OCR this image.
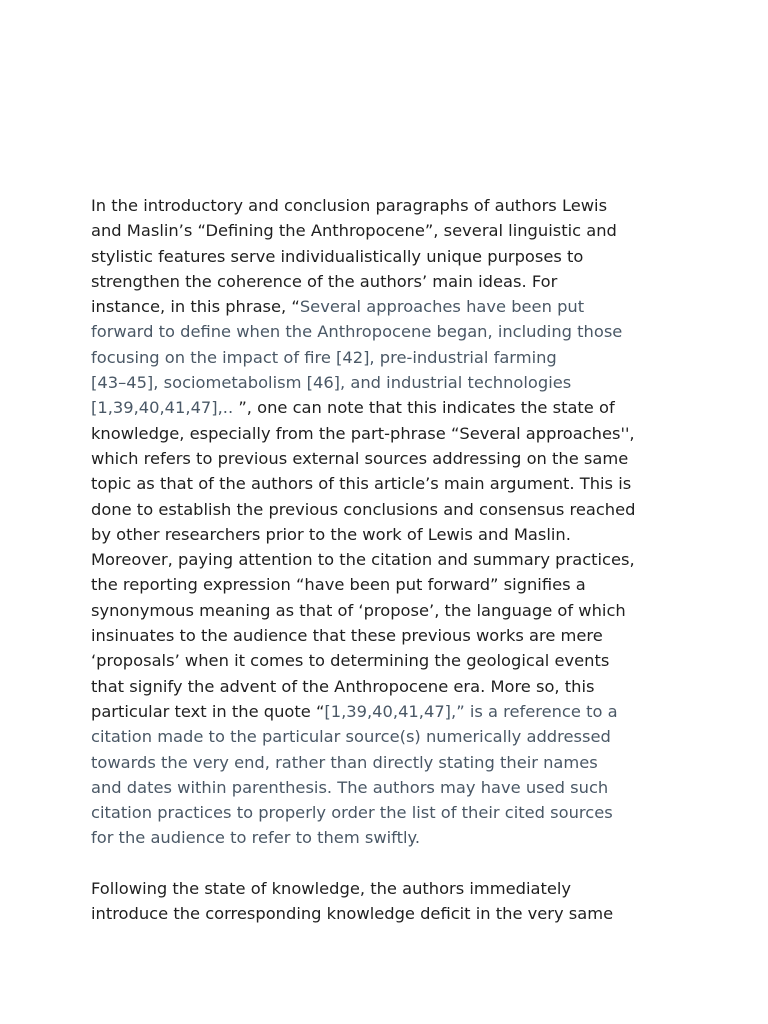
In the introductory and conclusion paragraphs of authors Lewis
and Maslin’s “Defining the Anthropocene”, several linguistic and
stylistic features serve individualistically unique purposes to
strengthen the coherence of the authors’ main ideas. For
instance, in this phrase, “Several approaches have been put
forward to define when the Anthropocene began, including those
focusing on the impact of fire [42], pre-industrial farming
[43–45], sociometabolism [46], and industrial technologies
[1,39,40,41,47],.. ”, one can note that this indicates the state of
knowledge, especially from the part-phrase “Several approaches'',
which refers to previous external sources addressing on the same
topic as that of the authors of this article’s main argument. This is
done to establish the previous conclusions and consensus reached
by other researchers prior to the work of Lewis and Maslin.
Moreover, paying attention to the citation and summary practices,
the reporting expression “have been put forward” signifies a
synonymous meaning as that of ‘propose’, the language of which
insinuates to the audience that these previous works are mere
‘proposals’ when it comes to determining the geological events
that signify the advent of the Anthropocene era. More so, this
particular text in the quote “[1,39,40,41,47],” is a reference to a
citation made to the particular source(s) numerically addressed
towards the very end, rather than directly stating their names
and dates within parenthesis. The authors may have used such
citation practices to properly order the list of their cited sources
for the audience to refer to them swiftly.

Following the state of knowledge, the authors immediately
introduce the corresponding knowledge deficit in the very same
